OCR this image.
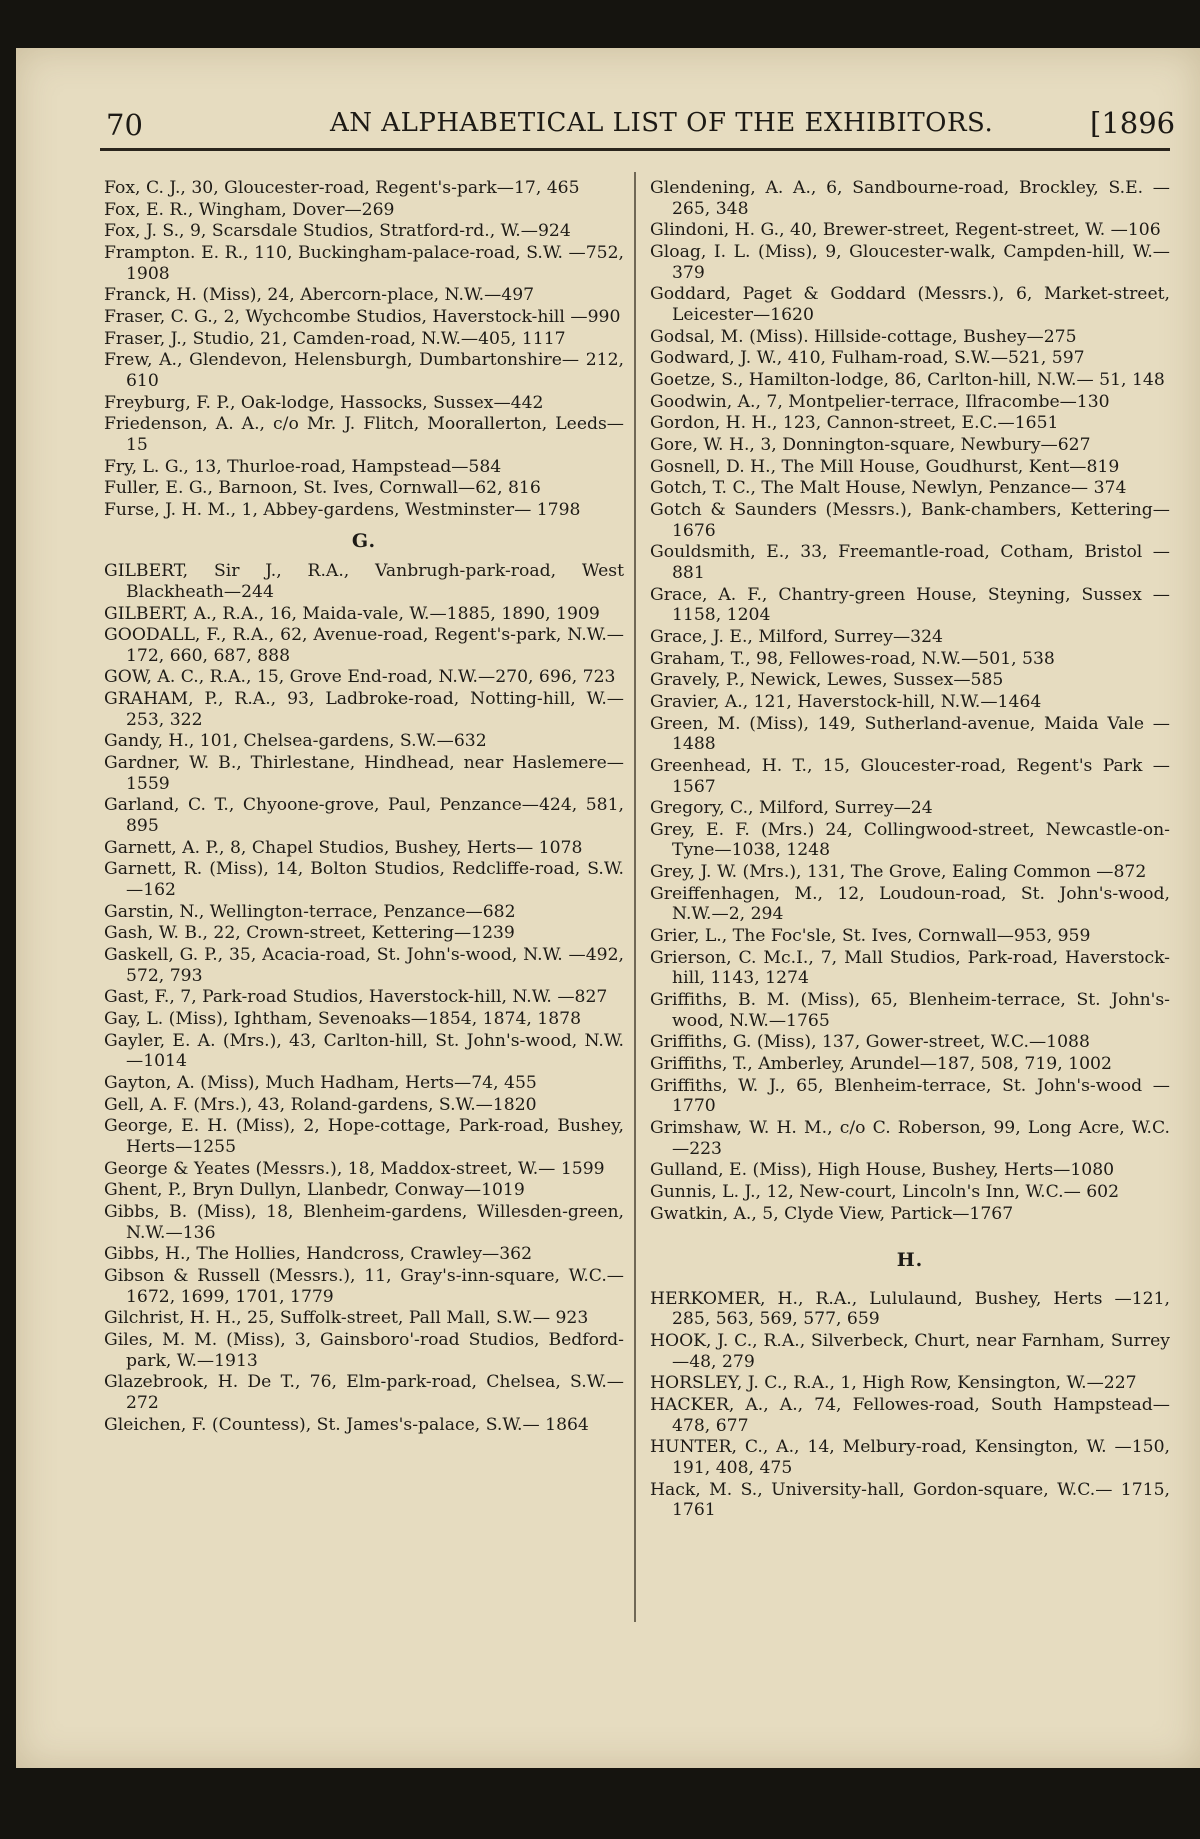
70	AN ALPHABETICAL LIST OF THE EXHIBITORS.	[1896
Fox, C. J., 30, Gloucester-road, Regent's-park—17, 465
Fox, E. R., Wingham, Dover—269
Fox, J. S., 9, Scarsdale Studios, Stratford-rd., W.—924
Frampton. E. R., 110, Buckingham-palace-road, S.W. —752, 1908
Franck, H. (Miss), 24, Abercorn-place, N.W.—497
Fraser, C. G., 2, Wychcombe Studios, Haverstock-hill —990
Fraser, J., Studio, 21, Camden-road, N.W.—405, 1117
Frew, A., Glendevon, Helensburgh, Dumbartonshire— 212, 610
Freyburg, F. P., Oak-lodge, Hassocks, Sussex—442
Friedenson, A. A., c/o Mr. J. Flitch, Moorallerton, Leeds—15
Fry, L. G., 13, Thurloe-road, Hampstead—584
Fuller, E. G., Barnoon, St. Ives, Cornwall—62, 816
Furse, J. H. M., 1, Abbey-gardens, Westminster— 1798
G.
GILBERT, Sir J., R.A., Vanbrugh-park-road, West Blackheath—244
GILBERT, A., R.A., 16, Maida-vale, W.—1885, 1890, 1909
GOODALL, F., R.A., 62, Avenue-road, Regent's-park, N.W.—172, 660, 687, 888
GOW, A. C., R.A., 15, Grove End-road, N.W.—270, 696, 723
GRAHAM, P., R.A., 93, Ladbroke-road, Notting-hill, W.—253, 322
Gandy, H., 101, Chelsea-gardens, S.W.—632
Gardner, W. B., Thirlestane, Hindhead, near Haslemere—1559
Garland, C. T., Chyoone-grove, Paul, Penzance—424, 581, 895
Garnett, A. P., 8, Chapel Studios, Bushey, Herts— 1078
Garnett, R. (Miss), 14, Bolton Studios, Redcliffe-road, S.W.—162
Garstin, N., Wellington-terrace, Penzance—682
Gash, W. B., 22, Crown-street, Kettering—1239
Gaskell, G. P., 35, Acacia-road, St. John's-wood, N.W. —492, 572, 793
Gast, F., 7, Park-road Studios, Haverstock-hill, N.W. —827
Gay, L. (Miss), Ightham, Sevenoaks—1854, 1874, 1878
Gayler, E. A. (Mrs.), 43, Carlton-hill, St. John's-wood, N.W.—1014
Gayton, A. (Miss), Much Hadham, Herts—74, 455
Gell, A. F. (Mrs.), 43, Roland-gardens, S.W.—1820
George, E. H. (Miss), 2, Hope-cottage, Park-road, Bushey, Herts—1255
George & Yeates (Messrs.), 18, Maddox-street, W.— 1599
Ghent, P., Bryn Dullyn, Llanbedr, Conway—1019
Gibbs, B. (Miss), 18, Blenheim-gardens, Willesden-green, N.W.—136
Gibbs, H., The Hollies, Handcross, Crawley—362
Gibson & Russell (Messrs.), 11, Gray's-inn-square, W.C.—1672, 1699, 1701, 1779
Gilchrist, H. H., 25, Suffolk-street, Pall Mall, S.W.— 923
Giles, M. M. (Miss), 3, Gainsboro'-road Studios, Bedford-park, W.—1913
Glazebrook, H. De T., 76, Elm-park-road, Chelsea, S.W.—272
Gleichen, F. (Countess), St. James's-palace, S.W.— 1864
Glendening, A. A., 6, Sandbourne-road, Brockley, S.E. —265, 348
Glindoni, H. G., 40, Brewer-street, Regent-street, W. —106
Gloag, I. L. (Miss), 9, Gloucester-walk, Campden-hill, W.—379
Goddard, Paget & Goddard (Messrs.), 6, Market-street, Leicester—1620
Godsal, M. (Miss). Hillside-cottage, Bushey—275
Godward, J. W., 410, Fulham-road, S.W.—521, 597
Goetze, S., Hamilton-lodge, 86, Carlton-hill, N.W.— 51, 148
Goodwin, A., 7, Montpelier-terrace, Ilfracombe—130
Gordon, H. H., 123, Cannon-street, E.C.—1651
Gore, W. H., 3, Donnington-square, Newbury—627
Gosnell, D. H., The Mill House, Goudhurst, Kent—819
Gotch, T. C., The Malt House, Newlyn, Penzance— 374
Gotch & Saunders (Messrs.), Bank-chambers, Kettering—1676
Gouldsmith, E., 33, Freemantle-road, Cotham, Bristol —881
Grace, A. F., Chantry-green House, Steyning, Sussex —1158, 1204
Grace, J. E., Milford, Surrey—324
Graham, T., 98, Fellowes-road, N.W.—501, 538
Gravely, P., Newick, Lewes, Sussex—585
Gravier, A., 121, Haverstock-hill, N.W.—1464
Green, M. (Miss), 149, Sutherland-avenue, Maida Vale —1488
Greenhead, H. T., 15, Gloucester-road, Regent's Park —1567
Gregory, C., Milford, Surrey—24
Grey, E. F. (Mrs.) 24, Collingwood-street, Newcastle-on-Tyne—1038, 1248
Grey, J. W. (Mrs.), 131, The Grove, Ealing Common —872
Greiffenhagen, M., 12, Loudoun-road, St. John's-wood, N.W.—2, 294
Grier, L., The Foc'sle, St. Ives, Cornwall—953, 959
Grierson, C. Mc.I., 7, Mall Studios, Park-road, Haverstock-hill, 1143, 1274
Griffiths, B. M. (Miss), 65, Blenheim-terrace, St. John's-wood, N.W.—1765
Griffiths, G. (Miss), 137, Gower-street, W.C.—1088
Griffiths, T., Amberley, Arundel—187, 508, 719, 1002
Griffiths, W. J., 65, Blenheim-terrace, St. John's-wood —1770
Grimshaw, W. H. M., c/o C. Roberson, 99, Long Acre, W.C.—223
Gulland, E. (Miss), High House, Bushey, Herts—1080
Gunnis, L. J., 12, New-court, Lincoln's Inn, W.C.— 602
Gwatkin, A., 5, Clyde View, Partick—1767
H.
HERKOMER, H., R.A., Lululaund, Bushey, Herts —121, 285, 563, 569, 577, 659
HOOK, J. C., R.A., Silverbeck, Churt, near Farnham, Surrey—48, 279
HORSLEY, J. C., R.A., 1, High Row, Kensington, W.—227
HACKER, A., A., 74, Fellowes-road, South Hampstead—478, 677
HUNTER, C., A., 14, Melbury-road, Kensington, W. —150, 191, 408, 475
Hack, M. S., University-hall, Gordon-square, W.C.— 1715, 1761
